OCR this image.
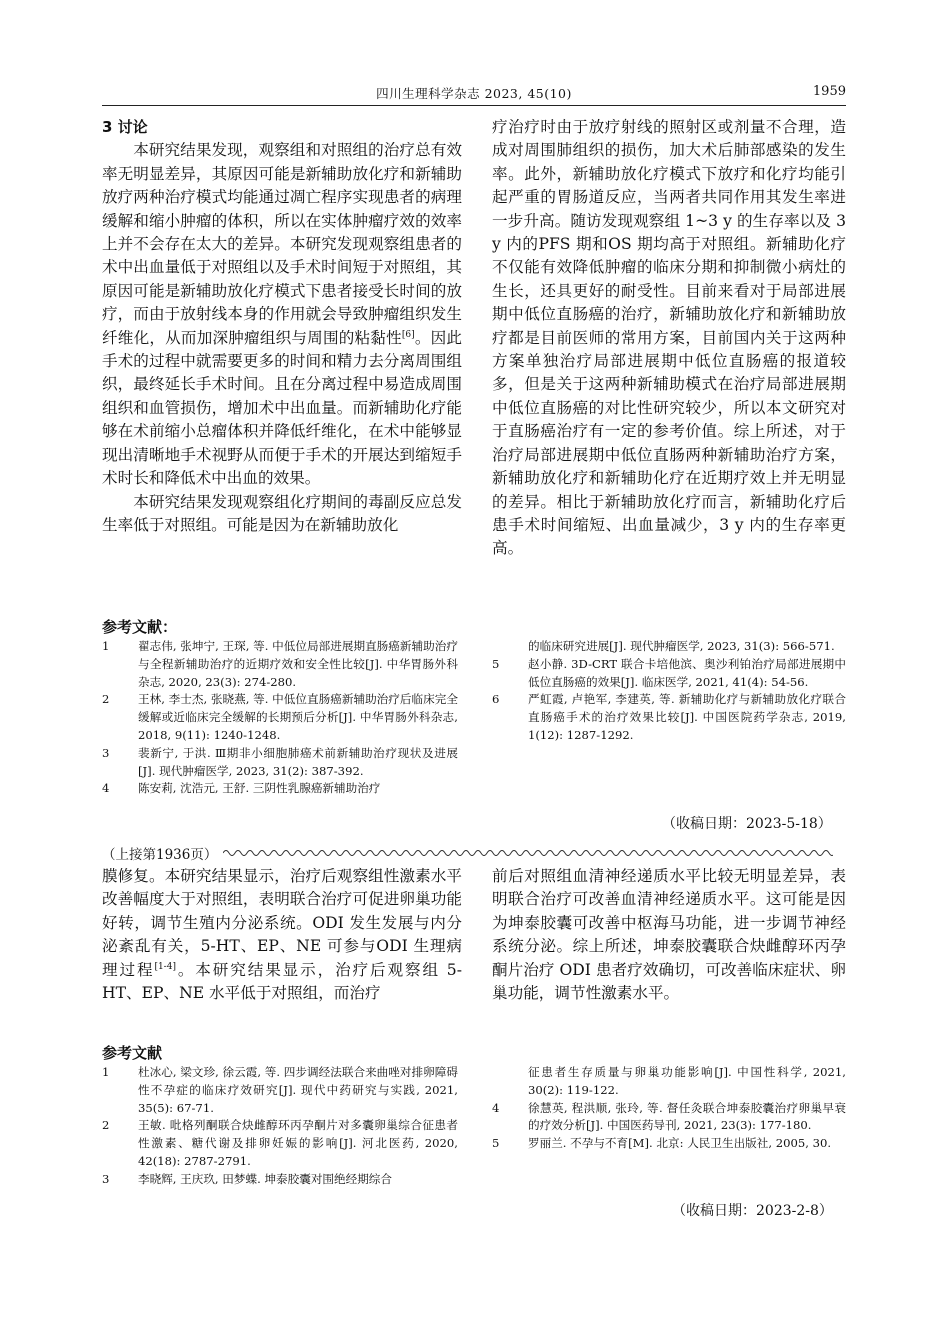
四川生理科学杂志 2023, 45(10)	1959
3 讨论

本研究结果发现，观察组和对照组的治疗总有效率无明显差异，其原因可能是新辅助放化疗和新辅助放疗两种治疗模式均能通过凋亡程序实现患者的病理缓解和缩小肿瘤的体积，所以在实体肿瘤疗效的效率上并不会存在太大的差异。本研究发现观察组患者的术中出血量低于对照组以及手术时间短于对照组，其原因可能是新辅助放化疗模式下患者接受长时间的放疗，而由于放射线本身的作用就会导致肿瘤组织发生纤维化，从而加深肿瘤组织与周围的粘黏性[6]。因此手术的过程中就需要更多的时间和精力去分离周围组织，最终延长手术时间。且在分离过程中易造成周围组织和血管损伤，增加术中出血量。而新辅助化疗能够在术前缩小总瘤体积并降低纤维化，在术中能够显现出清晰地手术视野从而便于手术的开展达到缩短手术时长和降低术中出血的效果。

本研究结果发现观察组化疗期间的毒副反应总发生率低于对照组。可能是因为在新辅助放化

疗治疗时由于放疗射线的照射区或剂量不合理，造成对周围肺组织的损伤，加大术后肺部感染的发生率。此外，新辅助放化疗模式下放疗和化疗均能引起严重的胃肠道反应，当两者共同作用其发生率进一步升高。随访发现观察组 1~3 y 的生存率以及 3 y 内的PFS 期和OS 期均高于对照组。新辅助化疗不仅能有效降低肿瘤的临床分期和抑制微小病灶的生长，还具更好的耐受性。目前来看对于局部进展期中低位直肠癌的治疗，新辅助放化疗和新辅助放疗都是目前医师的常用方案，目前国内关于这两种方案单独治疗局部进展期中低位直肠癌的报道较多，但是关于这两种新辅助模式在治疗局部进展期中低位直肠癌的对比性研究较少，所以本文研究对于直肠癌治疗有一定的参考价值。综上所述，对于治疗局部进展期中低位直肠两种新辅助治疗方案，新辅助放化疗和新辅助化疗在近期疗效上并无明显的差异。相比于新辅助放化疗而言，新辅助化疗后患手术时间缩短、出血量减少，3 y 内的生存率更高。

参考文献：
1	翟志伟, 张坤宁, 王琛, 等. 中低位局部进展期直肠癌新辅助治疗与全程新辅助治疗的近期疗效和安全性比较[J]. 中华胃肠外科杂志, 2020, 23(3): 274-280.
2	王林, 李士杰, 张晓燕, 等. 中低位直肠癌新辅助治疗后临床完全缓解或近临床完全缓解的长期预后分析[J]. 中华胃肠外科杂志, 2018, 9(11): 1240-1248.
3	裴新宁, 于洪. Ⅲ期非小细胞肺癌术前新辅助治疗现状及进展[J]. 现代肿瘤医学, 2023, 31(2): 387-392.
4	陈安莉, 沈浩元, 王舒. 三阴性乳腺癌新辅助治疗
的临床研究进展[J]. 现代肿瘤医学, 2023, 31(3): 566-571.
5	赵小静. 3D-CRT 联合卡培他滨、奥沙利铂治疗局部进展期中低位直肠癌的效果[J]. 临床医学, 2021, 41(4): 54-56.
6	严虹霞, 卢艳军, 李建英, 等. 新辅助化疗与新辅助放化疗联合直肠癌手术的治疗效果比较[J]. 中国医院药学杂志, 2019, 1(12): 1287-1292.
（收稿日期：2023-5-18）
（上接第1936页）

膜修复。本研究结果显示，治疗后观察组性激素水平改善幅度大于对照组，表明联合治疗可促进卵巢功能好转，调节生殖内分泌系统。ODI 发生发展与内分泌紊乱有关，5-HT、EP、NE 可参与ODI 生理病理过程[1-4]。本研究结果显示，治疗后观察组 5-HT、EP、NE 水平低于对照组，而治疗

前后对照组血清神经递质水平比较无明显差异，表明联合治疗可改善血清神经递质水平。这可能是因为坤泰胶囊可改善中枢海马功能，进一步调节神经系统分泌。综上所述，坤泰胶囊联合炔雌醇环丙孕酮片治疗 ODI 患者疗效确切，可改善临床症状、卵巢功能，调节性激素水平。

参考文献
1	杜冰心, 梁文珍, 徐云霞, 等. 四步调经法联合来曲唑对排卵障碍性不孕症的临床疗效研究[J]. 现代中药研究与实践, 2021, 35(5): 67-71.
2	王敏. 吡格列酮联合炔雌醇环丙孕酮片对多囊卵巢综合征患者性激素、糖代谢及排卵妊娠的影响[J]. 河北医药, 2020, 42(18): 2787-2791.
3	李晓辉, 王庆玖, 田梦蝶. 坤泰胶囊对围绝经期综合
征患者生存质量与卵巢功能影响[J]. 中国性科学, 2021, 30(2): 119-122.
4	徐慧英, 程洪顺, 张玲, 等. 督任灸联合坤泰胶囊治疗卵巢早衰的疗效分析[J]. 中国医药导刊, 2021, 23(3): 177-180.
5	罗丽兰. 不孕与不育[M]. 北京: 人民卫生出版社, 2005, 30.
（收稿日期：2023-2-8）
